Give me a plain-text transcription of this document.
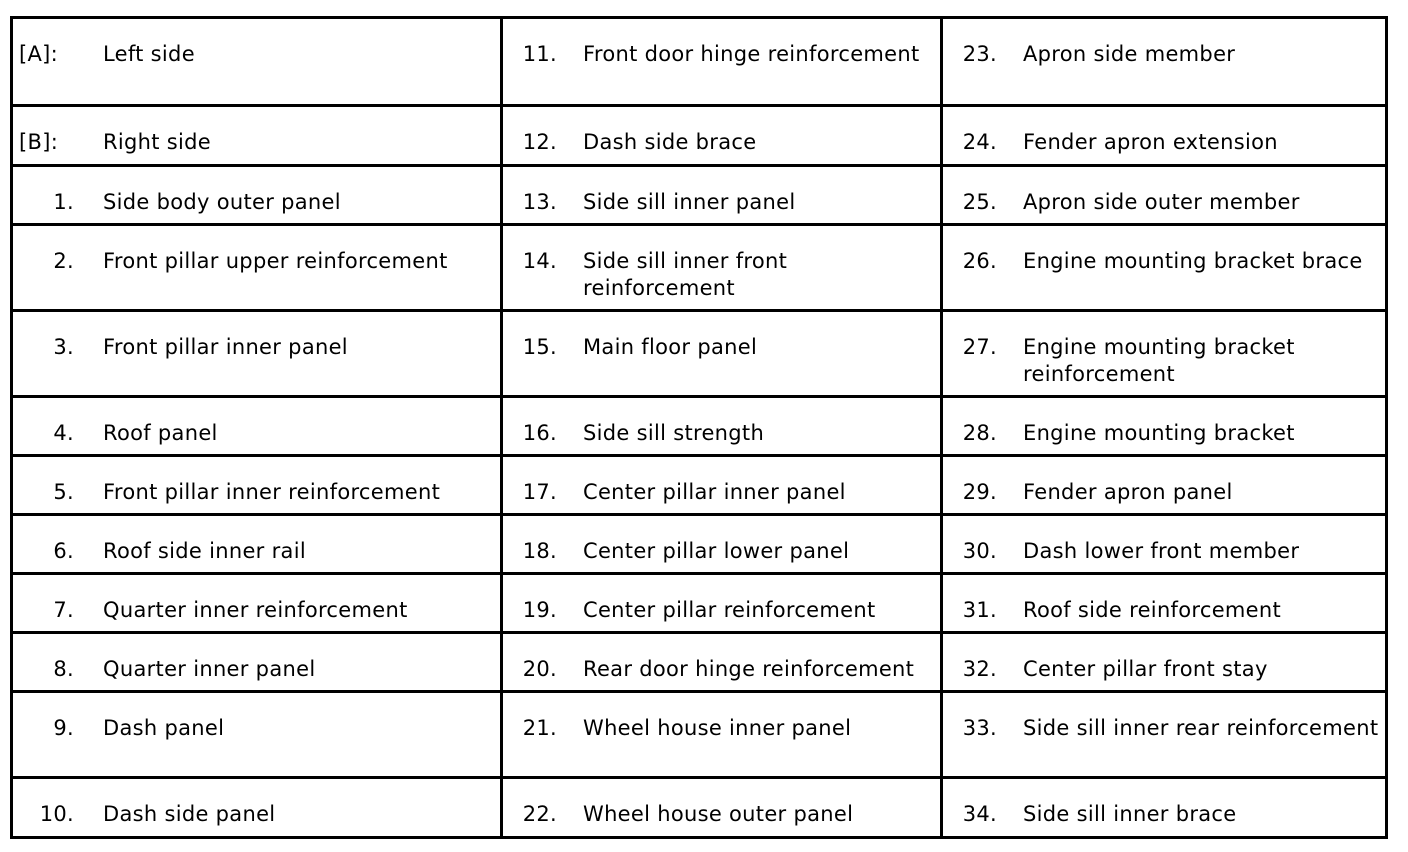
[A]: Left side	11. Front door hinge reinforcement	23. Apron side member

[B]: Right side	12. Dash side brace	24. Fender apron extension

1. Side body outer panel	13. Side sill inner panel	25. Apron side outer member

2. Front pillar upper reinforcement	14. Side sill inner front reinforcement	26. Engine mounting bracket brace

3. Front pillar inner panel	15. Main floor panel	27. Engine mounting bracket reinforcement

4. Roof panel	16. Side sill strength	28. Engine mounting bracket

5. Front pillar inner reinforcement	17. Center pillar inner panel	29. Fender apron panel

6. Roof side inner rail	18. Center pillar lower panel	30. Dash lower front member

7. Quarter inner reinforcement	19. Center pillar reinforcement	31. Roof side reinforcement

8. Quarter inner panel	20. Rear door hinge reinforcement	32. Center pillar front stay

9. Dash panel	21. Wheel house inner panel	33. Side sill inner rear reinforcement

10. Dash side panel	22. Wheel house outer panel	34. Side sill inner brace
